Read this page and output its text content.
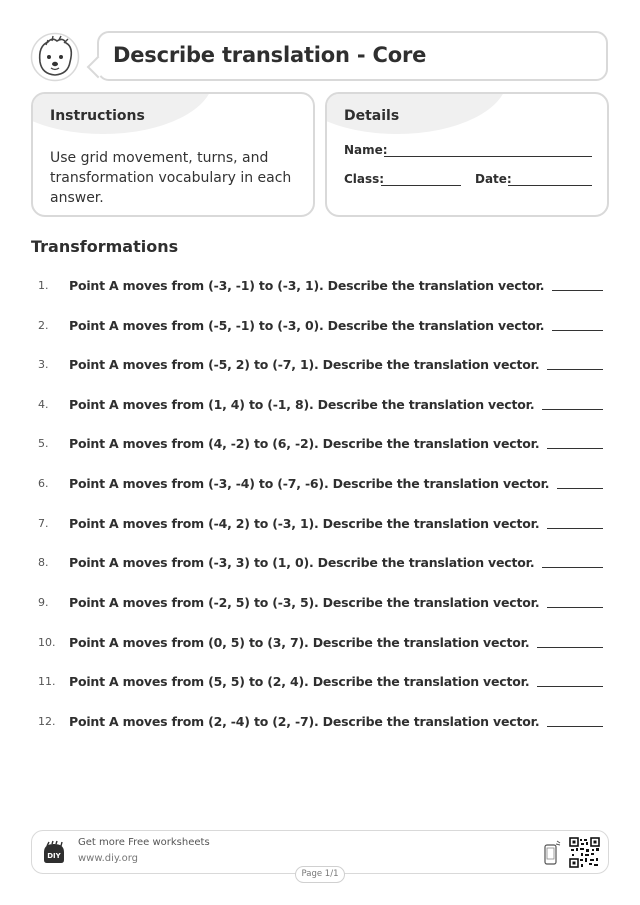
Describe translation - Core
Instructions
Use grid movement, turns, and transformation vocabulary in each answer.
Details
Name:
Class:	Date:
Transformations
1.	Point A moves from (-3, -1) to (-3, 1). Describe the translation vector.
2.	Point A moves from (-5, -1) to (-3, 0). Describe the translation vector.
3.	Point A moves from (-5, 2) to (-7, 1). Describe the translation vector.
4.	Point A moves from (1, 4) to (-1, 8). Describe the translation vector.
5.	Point A moves from (4, -2) to (6, -2). Describe the translation vector.
6.	Point A moves from (-3, -4) to (-7, -6). Describe the translation vector.
7.	Point A moves from (-4, 2) to (-3, 1). Describe the translation vector.
8.	Point A moves from (-3, 3) to (1, 0). Describe the translation vector.
9.	Point A moves from (-2, 5) to (-3, 5). Describe the translation vector.
10.	Point A moves from (0, 5) to (3, 7). Describe the translation vector.
11.	Point A moves from (5, 5) to (2, 4). Describe the translation vector.
12.	Point A moves from (2, -4) to (2, -7). Describe the translation vector.
DIY
Get more Free worksheets
www.diy.org
Page 1/1
